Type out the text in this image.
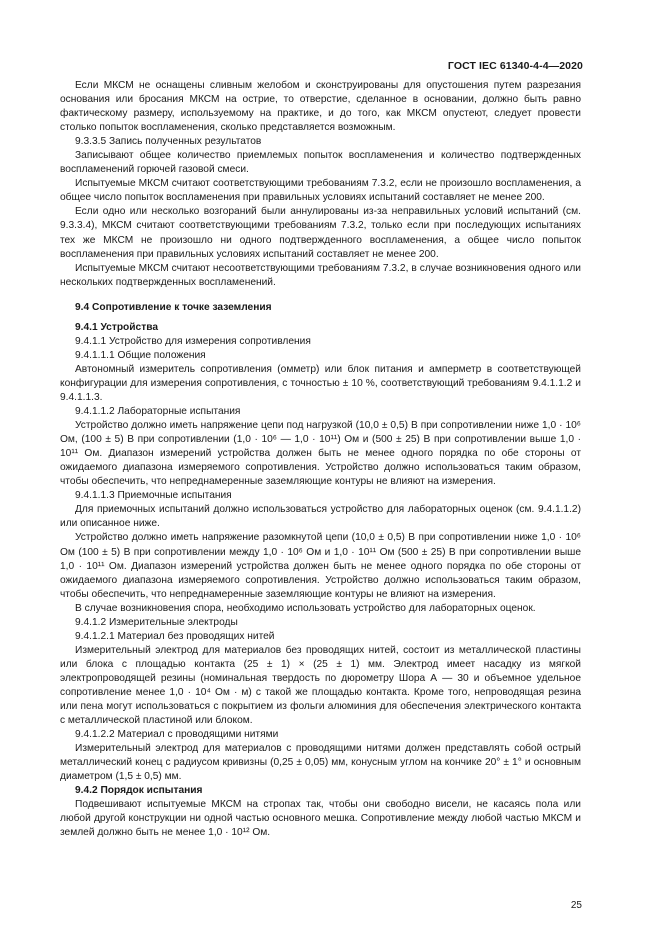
ГОСТ IEC 61340-4-4—2020

Если МКСМ не оснащены сливным желобом и сконструированы для опустошения путем разрезания основания или бросания МКСМ на острие, то отверстие, сделанное в основании, должно быть равно фактическому размеру, используемому на практике, и до того, как МКСМ опустеют, следует провести столько попыток воспламенения, сколько представляется возможным.

9.3.3.5 Запись полученных результатов

Записывают общее количество приемлемых попыток воспламенения и количество подтвержденных воспламенений горючей газовой смеси.

Испытуемые МКСМ считают соответствующими требованиям 7.3.2, если не произошло воспламенения, а общее число попыток воспламенения при правильных условиях испытаний составляет не менее 200.

Если одно или несколько возгораний были аннулированы из-за неправильных условий испытаний (см. 9.3.3.4), МКСМ считают соответствующими требованиям 7.3.2, только если при последующих испытаниях тех же МКСМ не произошло ни одного подтвержденного воспламенения, а общее число попыток воспламенения при правильных условиях испытаний составляет не менее 200.

Испытуемые МКСМ считают несоответствующими требованиям 7.3.2, в случае возникновения одного или нескольких подтвержденных воспламенений.

9.4 Сопротивление к точке заземления

9.4.1 Устройства

9.4.1.1 Устройство для измерения сопротивления

9.4.1.1.1 Общие положения

Автономный измеритель сопротивления (омметр) или блок питания и амперметр в соответствующей конфигурации для измерения сопротивления, с точностью ± 10 %, соответствующий требованиям 9.4.1.1.2 и 9.4.1.1.3.

9.4.1.1.2 Лабораторные испытания

Устройство должно иметь напряжение цепи под нагрузкой (10,0 ± 0,5) В при сопротивлении ниже 1,0 · 10⁶ Ом, (100 ± 5) В при сопротивлении (1,0 · 10⁶ — 1,0 · 10¹¹) Ом и (500 ± 25) В при сопротивлении выше 1,0 · 10¹¹ Ом. Диапазон измерений устройства должен быть не менее одного порядка по обе стороны от ожидаемого диапазона измеряемого сопротивления. Устройство должно использоваться таким образом, чтобы обеспечить, что непреднамеренные заземляющие контуры не влияют на измерения.

9.4.1.1.3 Приемочные испытания

Для приемочных испытаний должно использоваться устройство для лабораторных оценок (см. 9.4.1.1.2) или описанное ниже.

Устройство должно иметь напряжение разомкнутой цепи (10,0 ± 0,5) В при сопротивлении ниже 1,0 · 10⁶ Ом (100 ± 5) В при сопротивлении между 1,0 · 10⁶ Ом и 1,0 · 10¹¹ Ом (500 ± 25) В при сопротивлении выше 1,0 · 10¹¹ Ом. Диапазон измерений устройства должен быть не менее одного порядка по обе стороны от ожидаемого диапазона измеряемого сопротивления. Устройство должно использоваться таким образом, чтобы обеспечить, что непреднамеренные заземляющие контуры не влияют на измерения.

В случае возникновения спора, необходимо использовать устройство для лабораторных оценок.

9.4.1.2 Измерительные электроды

9.4.1.2.1 Материал без проводящих нитей

Измерительный электрод для материалов без проводящих нитей, состоит из металлической пластины или блока с площадью контакта (25 ± 1) × (25 ± 1) мм. Электрод имеет насадку из мягкой электропроводящей резины (номинальная твердость по дюрометру Шора А — 30 и объемное удельное сопротивление менее 1,0 · 10⁴ Ом · м) с такой же площадью контакта. Кроме того, непроводящая резина или пена могут использоваться с покрытием из фольги алюминия для обеспечения электрического контакта с металлической пластиной или блоком.

9.4.1.2.2 Материал с проводящими нитями

Измерительный электрод для материалов с проводящими нитями должен представлять собой острый металлический конец с радиусом кривизны (0,25 ± 0,05) мм, конусным углом на кончике 20° ± 1° и основным диаметром (1,5 ± 0,5) мм.

9.4.2 Порядок испытания

Подвешивают испытуемые МКСМ на стропах так, чтобы они свободно висели, не касаясь пола или любой другой конструкции ни одной частью основного мешка. Сопротивление между любой частью МКСМ и землей должно быть не менее 1,0 · 10¹² Ом.

25
